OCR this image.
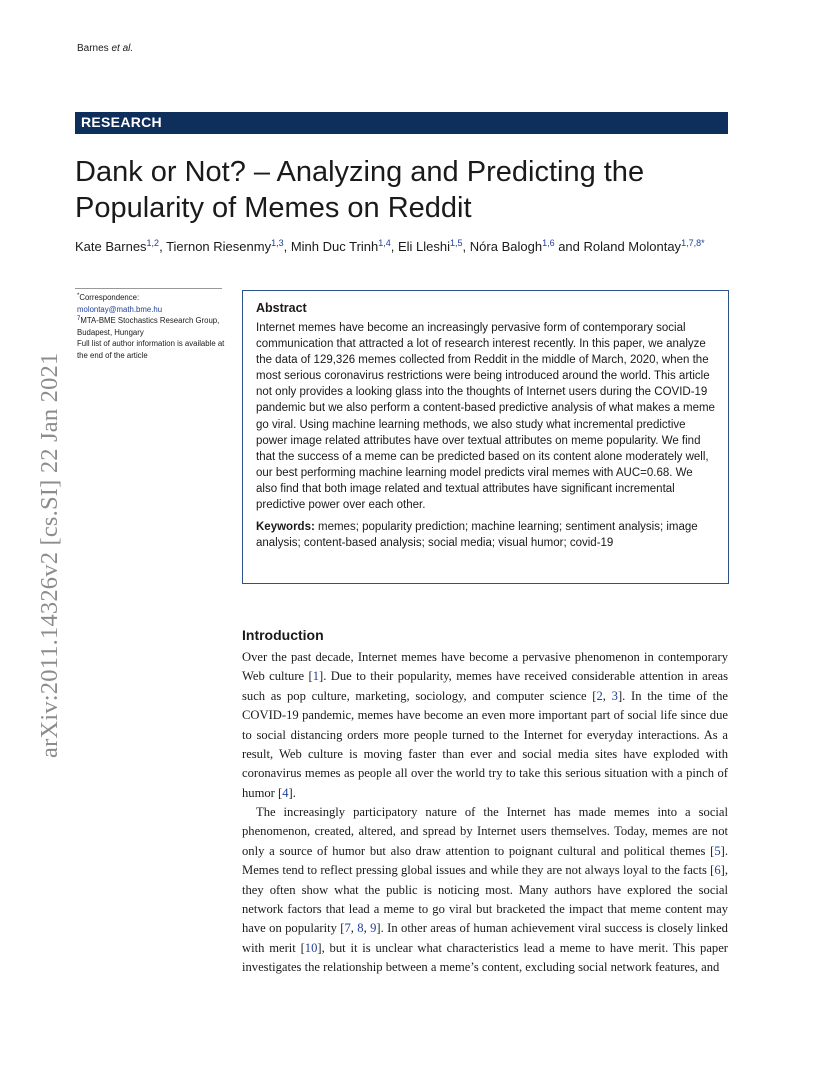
Barnes et al.
RESEARCH
Dank or Not? – Analyzing and Predicting the Popularity of Memes on Reddit
Kate Barnes$^{1,2}$, Tiernon Riesenmy$^{1,3}$, Minh Duc Trinh$^{1,4}$, Eli Lleshi$^{1,5}$, Nóra Balogh$^{1,6}$ and Roland Molontay$^{1,7,8*}$
*Correspondence:
molontay@math.bme.hu
$^7$MTA-BME Stochastics Research Group, Budapest, Hungary
Full list of author information is available at the end of the article
Abstract
Internet memes have become an increasingly pervasive form of contemporary social communication that attracted a lot of research interest recently. In this paper, we analyze the data of 129,326 memes collected from Reddit in the middle of March, 2020, when the most serious coronavirus restrictions were being introduced around the world. This article not only provides a looking glass into the thoughts of Internet users during the COVID-19 pandemic but we also perform a content-based predictive analysis of what makes a meme go viral. Using machine learning methods, we also study what incremental predictive power image related attributes have over textual attributes on meme popularity. We find that the success of a meme can be predicted based on its content alone moderately well, our best performing machine learning model predicts viral memes with AUC=0.68. We also find that both image related and textual attributes have significant incremental predictive power over each other.
Keywords: memes; popularity prediction; machine learning; sentiment analysis; image analysis; content-based analysis; social media; visual humor; covid-19
arXiv:2011.14326v2 [cs.SI] 22 Jan 2021	Introduction

Over the past decade, Internet memes have become a pervasive phenomenon in contemporary Web culture [1]. Due to their popularity, memes have received considerable attention in areas such as pop culture, marketing, sociology, and computer science [2, 3]. In the time of the COVID-19 pandemic, memes have become an even more important part of social life since due to social distancing orders more people turned to the Internet for everyday interactions. As a result, Web culture is moving faster than ever and social media sites have exploded with coronavirus memes as people all over the world try to take this serious situation with a pinch of humor [4].

The increasingly participatory nature of the Internet has made memes into a social phenomenon, created, altered, and spread by Internet users themselves. Today, memes are not only a source of humor but also draw attention to poignant cultural and political themes [5]. Memes tend to reflect pressing global issues and while they are not always loyal to the facts [6], they often show what the public is noticing most. Many authors have explored the social network factors that lead a meme to go viral but bracketed the impact that meme content may have on popularity [7, 8, 9]. In other areas of human achievement viral success is closely linked with merit [10], but it is unclear what characteristics lead a meme to have merit. This paper investigates the relationship between a meme’s content, excluding social network features, and
